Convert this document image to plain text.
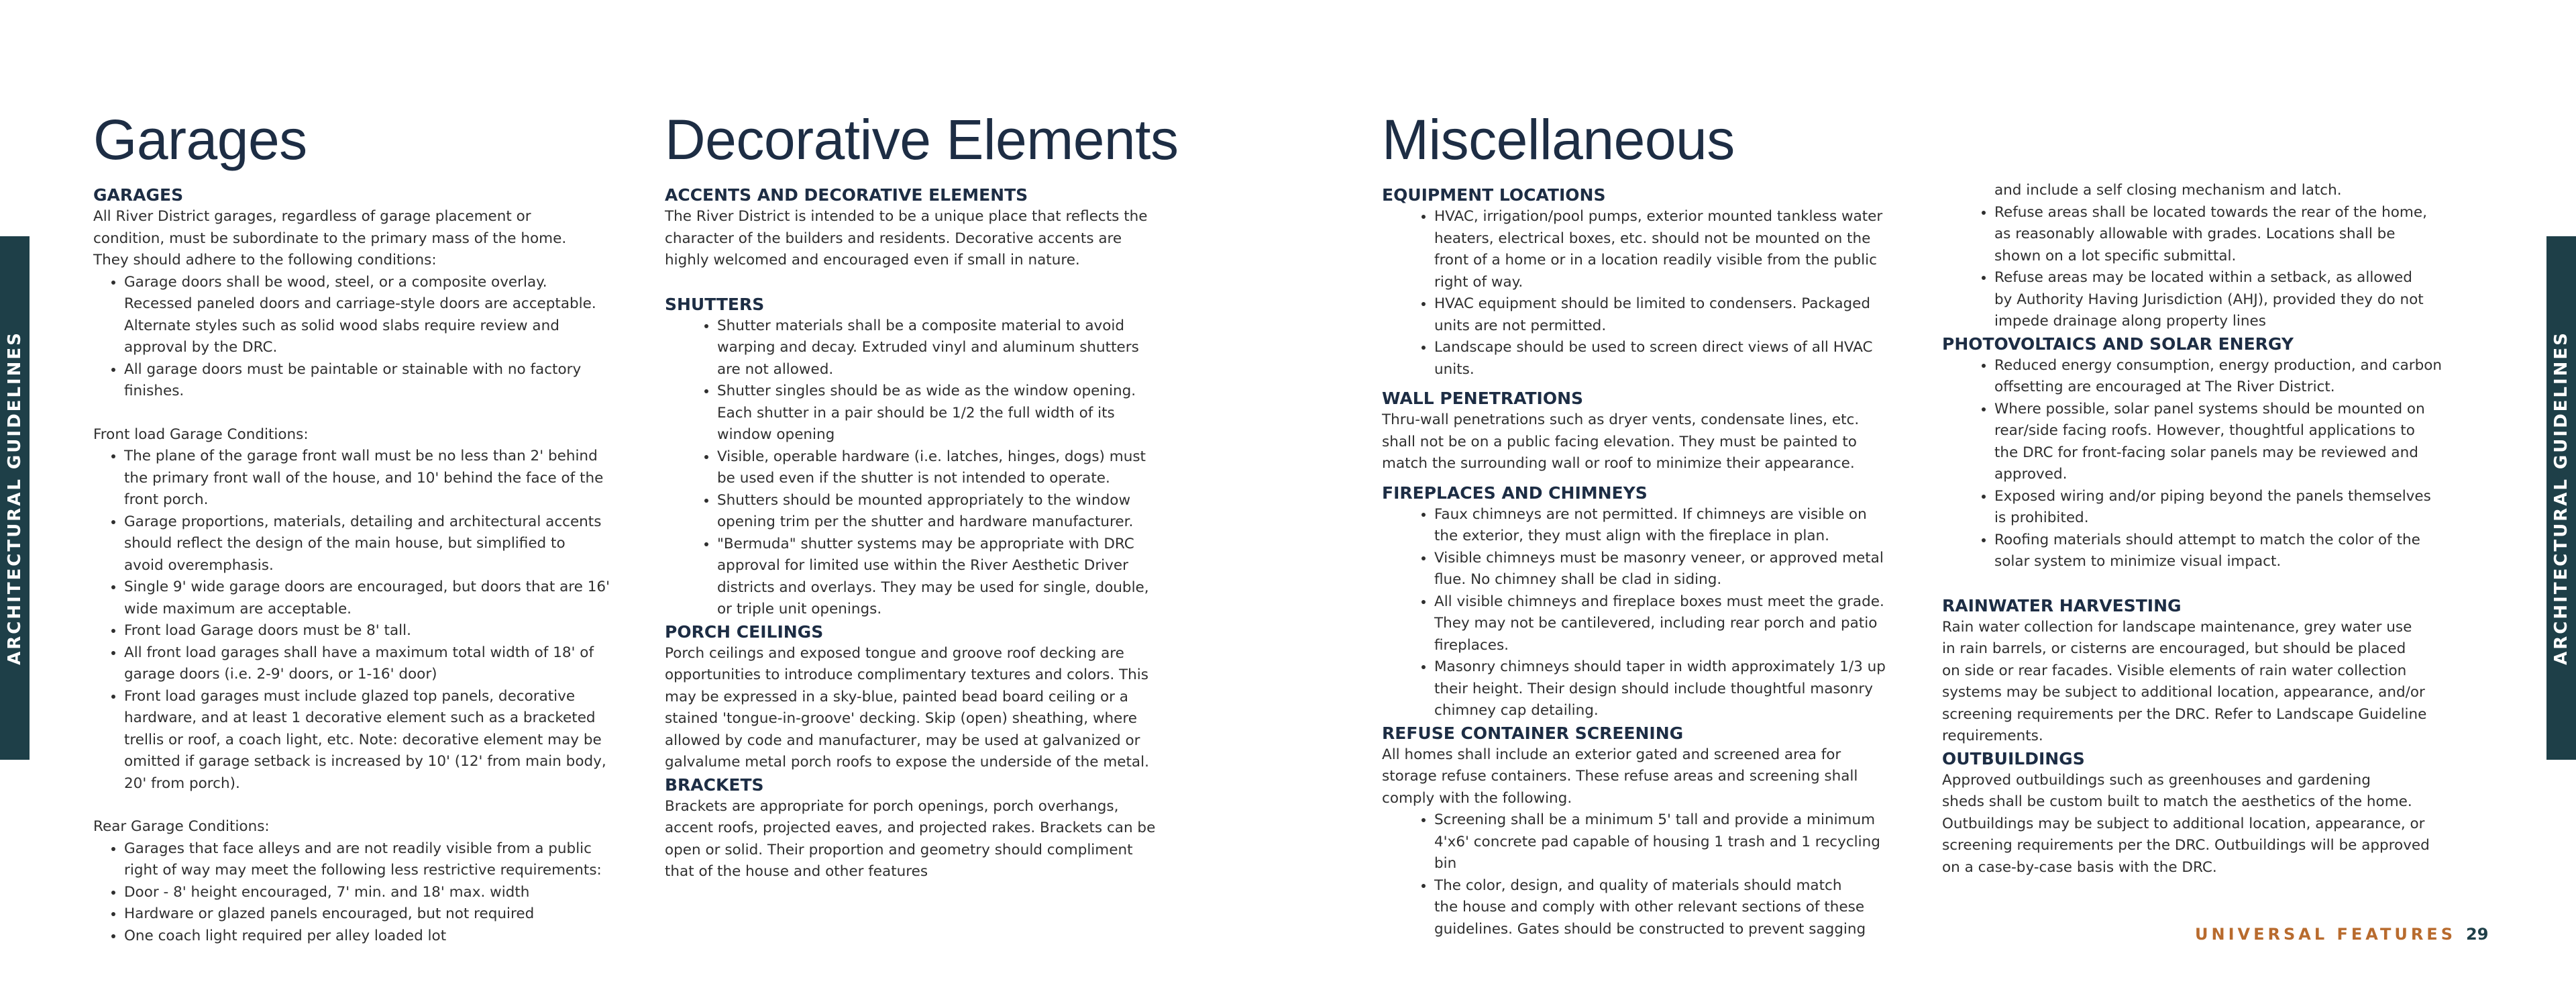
ARCHITECTURAL GUIDELINES	ARCHITECTURAL GUIDELINES
Garages
GARAGES

All River District garages, regardless of garage placement or
condition, must be subordinate to the primary mass of the home.
They should adhere to the following conditions:

• Garage doors shall be wood, steel, or a composite overlay.
Recessed paneled doors and carriage-style doors are acceptable.
Alternate styles such as solid wood slabs require review and
approval by the DRC.
• All garage doors must be paintable or stainable with no factory
finishes.

Front load Garage Conditions:

• The plane of the garage front wall must be no less than 2' behind
the primary front wall of the house, and 10' behind the face of the
front porch.
• Garage proportions, materials, detailing and architectural accents
should reflect the design of the main house, but simplified to
avoid overemphasis.
• Single 9' wide garage doors are encouraged, but doors that are 16'
wide maximum are acceptable.
• Front load Garage doors must be 8' tall.
• All front load garages shall have a maximum total width of 18' of
garage doors (i.e. 2-9' doors, or 1-16' door)
• Front load garages must include glazed top panels, decorative
hardware, and at least 1 decorative element such as a bracketed
trellis or roof, a coach light, etc. Note: decorative element may be
omitted if garage setback is increased by 10' (12' from main body,
20' from porch).

Rear Garage Conditions:

• Garages that face alleys and are not readily visible from a public
right of way may meet the following less restrictive requirements:
• Door - 8' height encouraged, 7' min. and 18' max. width
• Hardware or glazed panels encouraged, but not required
• One coach light required per alley loaded lot
Decorative Elements
ACCENTS AND DECORATIVE ELEMENTS

The River District is intended to be a unique place that reflects the
character of the builders and residents. Decorative accents are
highly welcomed and encouraged even if small in nature.

SHUTTERS
• Shutter materials shall be a composite material to avoid
warping and decay. Extruded vinyl and aluminum shutters
are not allowed.
• Shutter singles should be as wide as the window opening.
Each shutter in a pair should be 1/2 the full width of its
window opening
• Visible, operable hardware (i.e. latches, hinges, dogs) must
be used even if the shutter is not intended to operate.
• Shutters should be mounted appropriately to the window
opening trim per the shutter and hardware manufacturer.
• "Bermuda" shutter systems may be appropriate with DRC
approval for limited use within the River Aesthetic Driver
districts and overlays. They may be used for single, double,
or triple unit openings.
PORCH CEILINGS

Porch ceilings and exposed tongue and groove roof decking are
opportunities to introduce complimentary textures and colors. This
may be expressed in a sky-blue, painted bead board ceiling or a
stained 'tongue-in-groove' decking. Skip (open) sheathing, where
allowed by code and manufacturer, may be used at galvanized or
galvalume metal porch roofs to expose the underside of the metal.

BRACKETS

Brackets are appropriate for porch openings, porch overhangs,
accent roofs, projected eaves, and projected rakes. Brackets can be
open or solid. Their proportion and geometry should compliment
that of the house and other features

Miscellaneous
EQUIPMENT LOCATIONS
• HVAC, irrigation/pool pumps, exterior mounted tankless water
heaters, electrical boxes, etc. should not be mounted on the
front of a home or in a location readily visible from the public
right of way.
• HVAC equipment should be limited to condensers. Packaged
units are not permitted.
• Landscape should be used to screen direct views of all HVAC
units.
WALL PENETRATIONS

Thru-wall penetrations such as dryer vents, condensate lines, etc.
shall not be on a public facing elevation. They must be painted to
match the surrounding wall or roof to minimize their appearance.

FIREPLACES AND CHIMNEYS
• Faux chimneys are not permitted. If chimneys are visible on
the exterior, they must align with the fireplace in plan.
• Visible chimneys must be masonry veneer, or approved metal
flue. No chimney shall be clad in siding.
• All visible chimneys and fireplace boxes must meet the grade.
They may not be cantilevered, including rear porch and patio
fireplaces.
• Masonry chimneys should taper in width approximately 1/3 up
their height. Their design should include thoughtful masonry
chimney cap detailing.
REFUSE CONTAINER SCREENING

All homes shall include an exterior gated and screened area for
storage refuse containers. These refuse areas and screening shall
comply with the following.

• Screening shall be a minimum 5' tall and provide a minimum
4'x6' concrete pad capable of housing 1 trash and 1 recycling
bin
• The color, design, and quality of materials should match
the house and comply with other relevant sections of these
guidelines. Gates should be constructed to prevent sagging
and include a self closing mechanism and latch.
• Refuse areas shall be located towards the rear of the home,
as reasonably allowable with grades. Locations shall be
shown on a lot specific submittal.
• Refuse areas may be located within a setback, as allowed
by Authority Having Jurisdiction (AHJ), provided they do not
impede drainage along property lines
PHOTOVOLTAICS AND SOLAR ENERGY
• Reduced energy consumption, energy production, and carbon
offsetting are encouraged at The River District.
• Where possible, solar panel systems should be mounted on
rear/side facing roofs. However, thoughtful applications to
the DRC for front-facing solar panels may be reviewed and
approved.
• Exposed wiring and/or piping beyond the panels themselves
is prohibited.
• Roofing materials should attempt to match the color of the
solar system to minimize visual impact.
RAINWATER HARVESTING

Rain water collection for landscape maintenance, grey water use
in rain barrels, or cisterns are encouraged, but should be placed
on side or rear facades. Visible elements of rain water collection
systems may be subject to additional location, appearance, and/or
screening requirements per the DRC. Refer to Landscape Guideline
requirements.

OUTBUILDINGS

Approved outbuildings such as greenhouses and gardening
sheds shall be custom built to match the aesthetics of the home.
Outbuildings may be subject to additional location, appearance, or
screening requirements per the DRC. Outbuildings will be approved
on a case-by-case basis with the DRC.

UNIVERSAL FEATURES 29
